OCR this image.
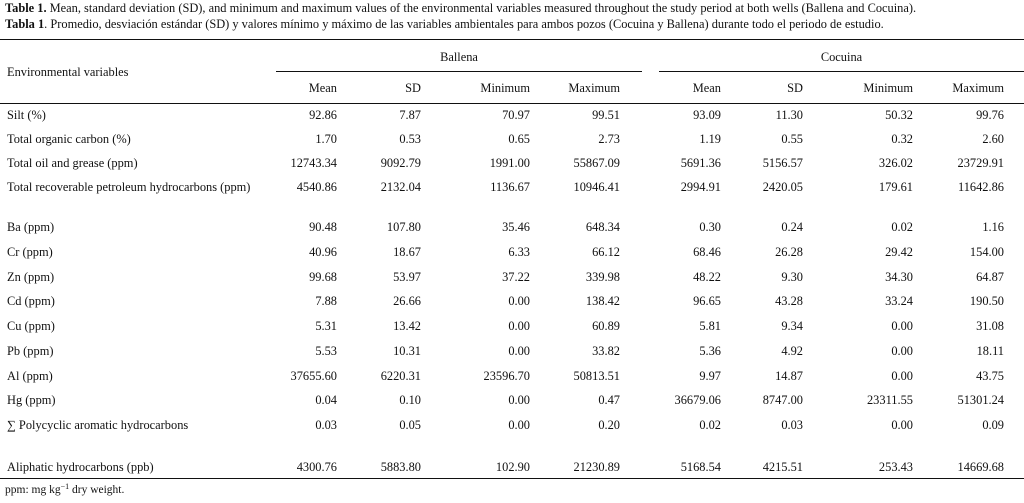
Table 1. Mean, standard deviation (SD), and minimum and maximum values of the environmental variables measured throughout the study period at both wells (Ballena and Cocuina).
Tabla 1. Promedio, desviación estándar (SD) y valores mínimo y máximo de las variables ambientales para ambos pozos (Cocuina y Ballena) durante todo el periodo de estudio.
Environmental variables
Ballena	Cocuina
Mean	SD	Minimum	Maximum	Mean	SD	Minimum	Maximum
Silt (%)	92.86	7.87	70.97	99.51	93.09	11.30	50.32	99.76
Total organic carbon (%)	1.70	0.53	0.65	2.73	1.19	0.55	0.32	2.60
Total oil and grease (ppm)	12743.34	9092.79	1991.00	55867.09	5691.36	5156.57	326.02	23729.91
Total recoverable petroleum hydrocarbons (ppm)	4540.86	2132.04	1136.67	10946.41	2994.91	2420.05	179.61	11642.86
Ba (ppm)	90.48	107.80	35.46	648.34	0.30	0.24	0.02	1.16
Cr (ppm)	40.96	18.67	6.33	66.12	68.46	26.28	29.42	154.00
Zn (ppm)	99.68	53.97	37.22	339.98	48.22	9.30	34.30	64.87
Cd (ppm)	7.88	26.66	0.00	138.42	96.65	43.28	33.24	190.50
Cu (ppm)	5.31	13.42	0.00	60.89	5.81	9.34	0.00	31.08
Pb (ppm)	5.53	10.31	0.00	33.82	5.36	4.92	0.00	18.11
Al (ppm)	37655.60	6220.31	23596.70	50813.51	9.97	14.87	0.00	43.75
Hg (ppm)	0.04	0.10	0.00	0.47	36679.06	8747.00	23311.55	51301.24
∑ Polycyclic aromatic hydrocarbons	0.03	0.05	0.00	0.20	0.02	0.03	0.00	0.09
Aliphatic hydrocarbons (ppb)	4300.76	5883.80	102.90	21230.89	5168.54	4215.51	253.43	14669.68
ppm: mg $kg^{-1}$ dry weight.
